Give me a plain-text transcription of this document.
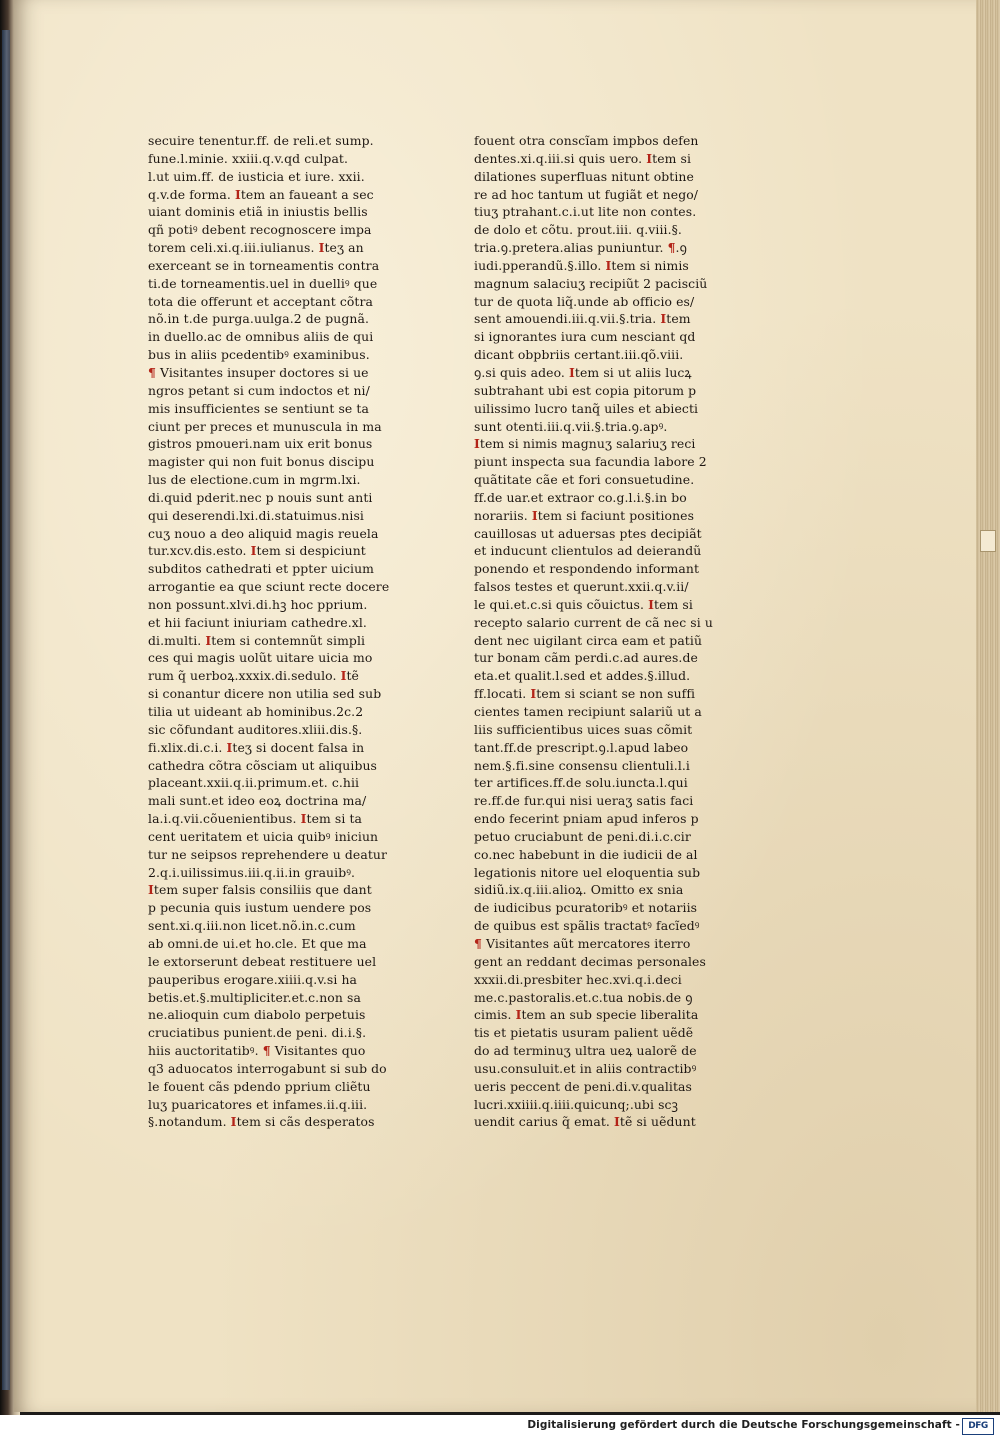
secuire tenentur.ff. de reli.et sump.
fune.l.minie. xxiii.q.v.qd culpat.
l.ut uim.ff. de iusticia et iure. xxii.
q.v.de forma. Item an faueant a sec
uiant dominis etiã in iniustis bellis
qñ potiꝰ debent recognoscere impa
torem celi.xi.q.iii.iulianus. Iteʒ an
exerceant se in torneamentis contra
ti.de torneamentis.uel in duelliꝰ que
tota die offerunt et acceptant cõtra
nõ.in t.de purga.uulga.2 de pugnã.
in duello.ac de omnibus aliis de qui
bus in aliis pcedentibꝰ examinibus.
¶ Visitantes insuper doctores si ue
ngros petant si cum indoctos et ni/
mis insufficientes se sentiunt se ta
ciunt per preces et munuscula in ma
gistros pmoueri.nam uix erit bonus
magister qui non fuit bonus discipu
lus de electione.cum in mgrm.lxi.
di.quid pderit.nec p nouis sunt anti
qui deserendi.lxi.di.statuimus.nisi
cuʒ nouo a deo aliquid magis reuela
tur.xcv.dis.esto. Item si despiciunt
subditos cathedrati et ppter uicium
arrogantie ea que sciunt recte docere
non possunt.xlvi.di.hꝫ hoc pprium.
et hii faciunt iniuriam cathedre.xl.
di.multi. Item si contemnũt simpli
ces qui magis uolũt uitare uicia mo
rum q̃ uerboꝝ.xxxix.di.sedulo. Itẽ
si conantur dicere non utilia sed sub
tilia ut uideant ab hominibus.2c.2
sic cõfundant auditores.xliii.dis.§.
fi.xlix.di.c.i. Iteʒ si docent falsa in
cathedra cõtra cõsciam ut aliquibus
placeant.xxii.q.ii.primum.et. c.hii
mali sunt.et ideo eoꝝ doctrina ma/
la.i.q.vii.cõuenientibus. Item si ta
cent ueritatem et uicia quibꝰ iniciun
tur ne seipsos reprehendere u deatur
2.q.i.uilissimus.iii.q.ii.in grauibꝰ.
Item super falsis consiliis que dant
p pecunia quis iustum uendere pos
sent.xi.q.iii.non licet.nõ.in.c.cum
ab omni.de ui.et ho.cle. Et que ma
le extorserunt debeat restituere uel
pauperibus erogare.xiiii.q.v.si ha
betis.et.§.multipliciter.et.c.non sa
ne.alioquin cum diabolo perpetuis
cruciatibus punient.de peni. di.i.§.
hiis auctoritatibꝰ. ¶ Visitantes quo
q3 aduocatos interrogabunt si sub do
le fouent cãs pdendo pprium cliẽtu
luʒ puaricatores et infames.ii.q.iii.
§.notandum. Item si cãs desperatos
fouent otra conscĩam impbos defen
dentes.xi.q.iii.si quis uero. Item si
dilationes superfluas nitunt obtine
re ad hoc tantum ut fugiãt et nego/
tiuʒ ptrahant.c.i.ut lite non contes.
de dolo et cõtu. prout.iii. q.viii.§.
tria.ꝯ.pretera.alias puniuntur. ¶.ꝯ
iudi.pperandũ.§.illo. Item si nimis
magnum salaciuʒ recipiũt 2 pacisciũ
tur de quota liq̃.unde ab officio es/
sent amouendi.iii.q.vii.§.tria. Item
si ignorantes iura cum nesciant qd
dicant obpbriis certant.iii.qõ.viii.
ꝯ.si quis adeo. Item si ut aliis lucꝝ
subtrahant ubi est copia pitorum p
uilissimo lucro tanq̃ uiles et abiecti
sunt otenti.iii.q.vii.§.tria.ꝯ.apꝰ.
Item si nimis magnuʒ salariuʒ reci
piunt inspecta sua facundia labore 2
quãtitate cãe et fori consuetudine.
ff.de uar.et extraor co.g.l.i.§.in bo
norariis. Item si faciunt positiones
cauillosas ut aduersas ptes decipiãt
et inducunt clientulos ad deierandũ
ponendo et respondendo informant
falsos testes et querunt.xxii.q.v.ii/
le qui.et.c.si quis cõuictus. Item si
recepto salario current de cã nec si u
dent nec uigilant circa eam et patiũ
tur bonam cãm perdi.c.ad aures.de
eta.et qualit.l.sed et addes.§.illud.
ff.locati. Item si sciant se non suffi
cientes tamen recipiunt salariũ ut a
liis sufficientibus uices suas cõmit
tant.ff.de prescript.ꝯ.l.apud labeo
nem.§.fi.sine consensu clientuli.l.i
ter artifices.ff.de solu.iuncta.l.qui
re.ff.de fur.qui nisi ueraʒ satis faci
endo fecerint pniam apud inferos p
petuo cruciabunt de peni.di.i.c.cir
co.nec habebunt in die iudicii de al
legationis nitore uel eloquentia sub
sidiũ.ix.q.iii.alioꝝ. Omitto ex snia
de iudicibus pcuratoribꝰ et notariis
de quibus est spãlis tractatꝰ facĩedꝰ
¶ Visitantes aũt mercatores iterro
gent an reddant decimas personales
xxxii.di.presbiter hec.xvi.q.i.deci
me.c.pastoralis.et.c.tua nobis.de ꝯ
cimis. Item an sub specie liberalita
tis et pietatis usuram palient uẽdẽ
do ad terminuʒ ultra ueꝝ ualorẽ de
usu.consuluit.et in aliis contractibꝰ
ueris peccent de peni.di.v.qualitas
lucri.xxiiii.q.iiii.quicunq;.ubi scꝫ
uendit carius q̃ emat. Itẽ si uẽdunt
Digitalisierung gefördert durch die Deutsche Forschungsgemeinschaft - DFG
